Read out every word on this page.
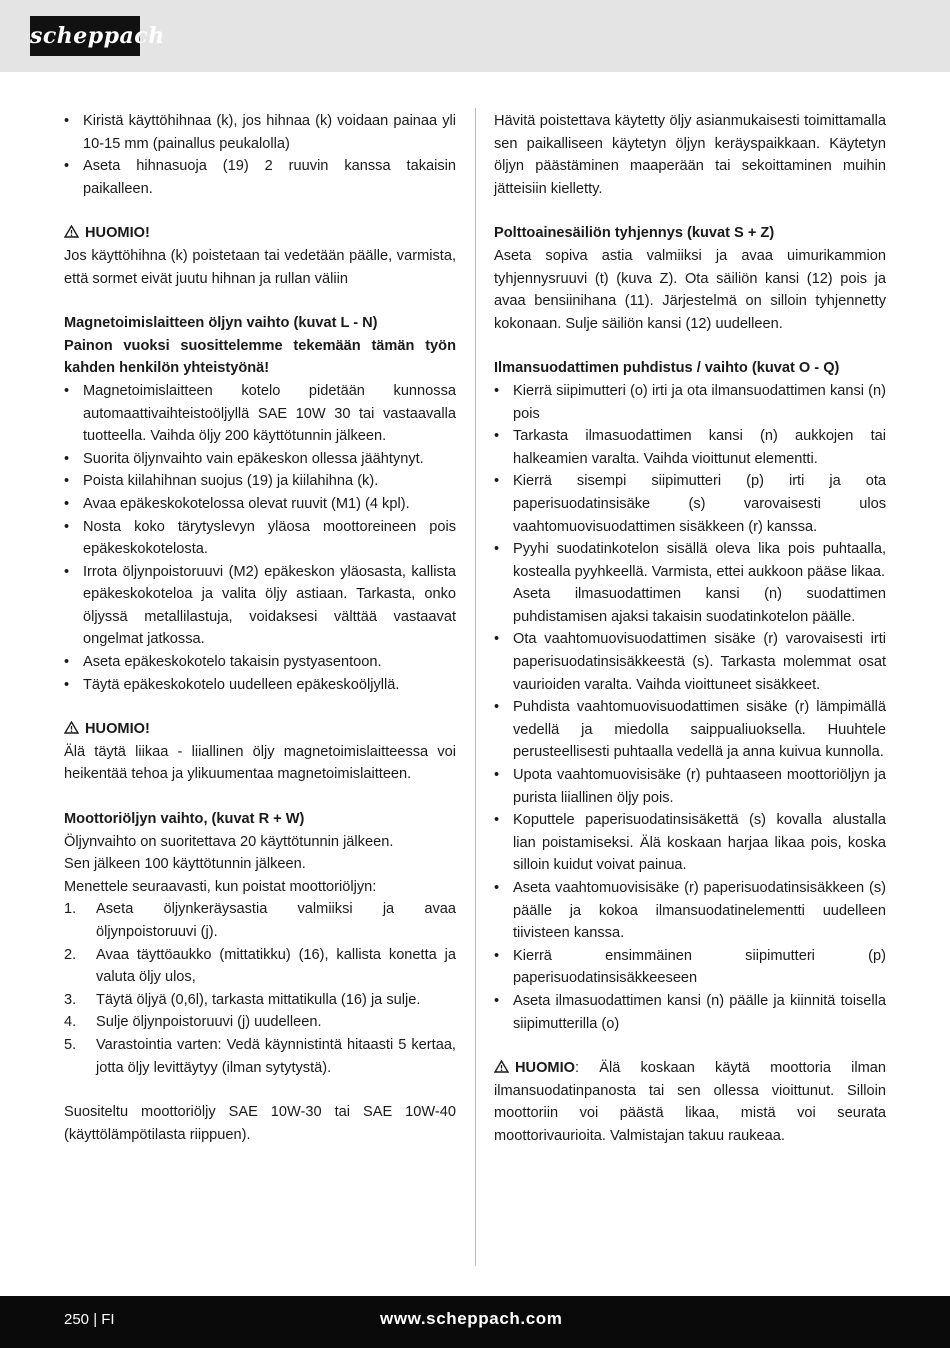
scheppach
• Kiristä käyttöhihnaa (k), jos hihnaa (k) voidaan painaa yli 10-15 mm (painallus peukalolla)
• Aseta hihnasuoja (19) 2 ruuvin kanssa takaisin paikalleen.

HUOMIO!

Jos käyttöhihna (k) poistetaan tai vedetään päälle, varmista, että sormet eivät juutu hihnan ja rullan väliin

Magnetoimislaitteen öljyn vaihto (kuvat L - N)

Painon vuoksi suosittelemme tekemään tämän työn kahden henkilön yhteistyönä!

• Magnetoimislaitteen kotelo pidetään kunnossa automaattivaihteistoöljyllä SAE 10W 30 tai vastaavalla tuotteella. Vaihda öljy 200 käyttötunnin jälkeen.
• Suorita öljynvaihto vain epäkeskon ollessa jäähtynyt.
• Poista kiilahihnan suojus (19) ja kiilahihna (k).
• Avaa epäkeskokotelossa olevat ruuvit (M1) (4 kpl).
• Nosta koko tärytyslevyn yläosa moottoreineen pois epäkeskokotelosta.
• Irrota öljynpoistoruuvi (M2) epäkeskon yläosasta, kallista epäkeskokoteloa ja valita öljy astiaan. Tarkasta, onko öljyssä metallilastuja, voidaksesi välttää vastaavat ongelmat jatkossa.
• Aseta epäkeskokotelo takaisin pystyasentoon.
• Täytä epäkeskokotelo uudelleen epäkeskoöljyllä.

HUOMIO!

Älä täytä liikaa - liiallinen öljy magnetoimislaitteessa voi heikentää tehoa ja ylikuumentaa magnetoimislaitteen.

Moottoriöljyn vaihto, (kuvat R + W)

Öljynvaihto on suoritettava 20 käyttötunnin jälkeen.

Sen jälkeen 100 käyttötunnin jälkeen.

Menettele seuraavasti, kun poistat moottoriöljyn:

1. Aseta öljynkeräysastia valmiiksi ja avaa öljynpoistoruuvi (j).
2. Avaa täyttöaukko (mittatikku) (16), kallista konetta ja valuta öljy ulos,
3. Täytä öljyä (0,6l), tarkasta mittatikulla (16) ja sulje.
4. Sulje öljynpoistoruuvi (j) uudelleen.
5. Varastointia varten: Vedä käynnistintä hitaasti 5 kertaa, jotta öljy levittäytyy (ilman sytytystä).

Suositeltu moottoriöljy SAE 10W-30 tai SAE 10W-40 (käyttölämpötilasta riippuen).

Hävitä poistettava käytetty öljy asianmukaisesti toimittamalla sen paikalliseen käytetyn öljyn keräyspaikkaan. Käytetyn öljyn päästäminen maaperään tai sekoittaminen muihin jätteisiin kielletty.

Polttoainesäiliön tyhjennys (kuvat S + Z)

Aseta sopiva astia valmiiksi ja avaa uimurikammion tyhjennysruuvi (t) (kuva Z). Ota säiliön kansi (12) pois ja avaa bensiinihana (11). Järjestelmä on silloin tyhjennetty kokonaan. Sulje säiliön kansi (12) uudelleen.

Ilmansuodattimen puhdistus / vaihto (kuvat O - Q)

• Kierrä siipimutteri (o) irti ja ota ilmansuodattimen kansi (n) pois
• Tarkasta ilmasuodattimen kansi (n) aukkojen tai halkeamien varalta. Vaihda vioittunut elementti.
• Kierrä sisempi siipimutteri (p) irti ja ota paperisuodatinsisäke (s) varovaisesti ulos vaahtomuovisuodattimen sisäkkeen (r) kanssa.
• Pyyhi suodatinkotelon sisällä oleva lika pois puhtaalla, kostealla pyyhkeellä. Varmista, ettei aukkoon pääse likaa.
Aseta ilmasuodattimen kansi (n) suodattimen puhdistamisen ajaksi takaisin suodatinkotelon päälle.
• Ota vaahtomuovisuodattimen sisäke (r) varovaisesti irti paperisuodatinsisäkkeestä (s). Tarkasta molemmat osat vaurioiden varalta. Vaihda vioittuneet sisäkkeet.
• Puhdista vaahtomuovisuodattimen sisäke (r) lämpimällä vedellä ja miedolla saippualiuoksella. Huuhtele perusteellisesti puhtaalla vedellä ja anna kuivua kunnolla.
• Upota vaahtomuovisisäke (r) puhtaaseen moottoriöljyn ja purista liiallinen öljy pois.
• Koputtele paperisuodatinsisäkettä (s) kovalla alustalla lian poistamiseksi. Älä koskaan harjaa likaa pois, koska silloin kuidut voivat painua.
• Aseta vaahtomuovisisäke (r) paperisuodatinsisäkkeen (s) päälle ja kokoa ilmansuodatinelementti uudelleen tiivisteen kanssa.
• Kierrä ensimmäinen siipimutteri (p) paperisuodatinsisäkkeeseen
• Aseta ilmasuodattimen kansi (n) päälle ja kiinnitä toisella siipimutterilla (o)

HUOMIO: Älä koskaan käytä moottoria ilman ilmansuodatinpanosta tai sen ollessa vioittunut. Silloin moottoriin voi päästä likaa, mistä voi seurata moottorivaurioita. Valmistajan takuu raukeaa.

250 | FI	www.scheppach.com
